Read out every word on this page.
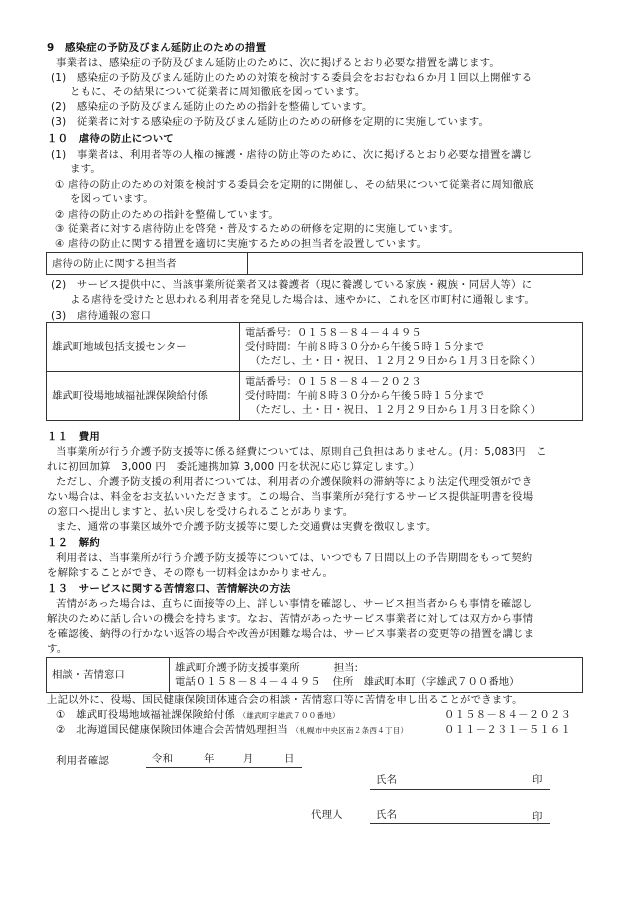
9　感染症の予防及びまん延防止のための措置
事業者は、感染症の予防及びまん延防止のために、次に掲げるとおり必要な措置を講じます。
(1)　感染症の予防及びまん延防止のための対策を検討する委員会をおおむね６か月１回以上開催する
ともに、その結果について従業者に周知徹底を図っています。
(2)　感染症の予防及びまん延防止のための指針を整備しています。
(3)　従業者に対する感染症の予防及びまん延防止のための研修を定期的に実施しています。
１０　虐待の防止について
(1)　事業者は、利用者等の人権の擁護・虐待の防止等のために、次に掲げるとおり必要な措置を講じ
ます。
① 虐待の防止のための対策を検討する委員会を定期的に開催し、その結果について従業者に周知徹底
を図っています。
② 虐待の防止のための指針を整備しています。
③ 従業者に対する虐待防止を啓発・普及するための研修を定期的に実施しています。
④ 虐待の防止に関する措置を適切に実施するための担当者を設置しています。
虐待の防止に関する担当者	
(2)　サービス提供中に、当該事業所従業者又は養護者（現に養護している家族・親族・同居人等）に
よる虐待を受けたと思われる利用者を発見した場合は、速やかに、これを区市町村に通報します。
(3)　虐待通報の窓口
雄武町地域包括支援センター	電話番号：０１５８－８４－４４９５
受付時間：午前８時３０分から午後５時１５分まで
（ただし、土・日・祝日、１２月２９日から１月３日を除く）

雄武町役場地域福祉課保険給付係	電話番号：０１５８－８４－２０２３
受付時間：午前８時３０分から午後５時１５分まで
（ただし、土・日・祝日、１２月２９日から１月３日を除く）
１１　費用
当事業所が行う介護予防支援等に係る経費については、原則自己負担はありません。(月：5,083円　こ
れに初回加算　3,000 円　委託連携加算 3,000 円を状況に応じ算定します。）
ただし、介護予防支援の利用者については、利用者の介護保険料の滞納等により法定代理受領ができ
ない場合は、料金をお支払いいただきます。この場合、当事業所が発行するサービス提供証明書を役場
の窓口へ提出しますと、払い戻しを受けられることがあります。
また、通常の事業区域外で介護予防支援等に要した交通費は実費を徴収します。
１２　解約
利用者は、当事業所が行う介護予防支援等については、いつでも７日間以上の予告期間をもって契約
を解除することができ、その際も一切料金はかかりません。
１３　サービスに関する苦情窓口、苦情解決の方法
苦情があった場合は、直ちに面接等の上、詳しい事情を確認し、サービス担当者からも事情を確認し
解決のために話し合いの機会を持ちます。なお、苦情があったサービス事業者に対しては双方から事情
を確認後、納得の行かない返答の場合や改善が困難な場合は、サービス事業者の変更等の措置を講じま
す。
相談・苦情窓口	
雄武町介護予防支援事業所	担当:
電話０１５８－８４－４４９５ 住所　雄武町本町（字雄武７００番地）
上記以外に、役場、国民健康保険団体連合会の相談・苦情窓口等に苦情を申し出ることができます。
①　雄武町役場地域福祉課保険給付係 （雄武町字雄武７００番地）	０１５８－８４－２０２３
②　北海道国民健康保険団体連合会苦情処理担当 （札幌市中央区南２条西４丁目）	０１１－２３１－５１６１
利用者確認	令和	年	月	日
氏名	印
代理人	氏名	印
